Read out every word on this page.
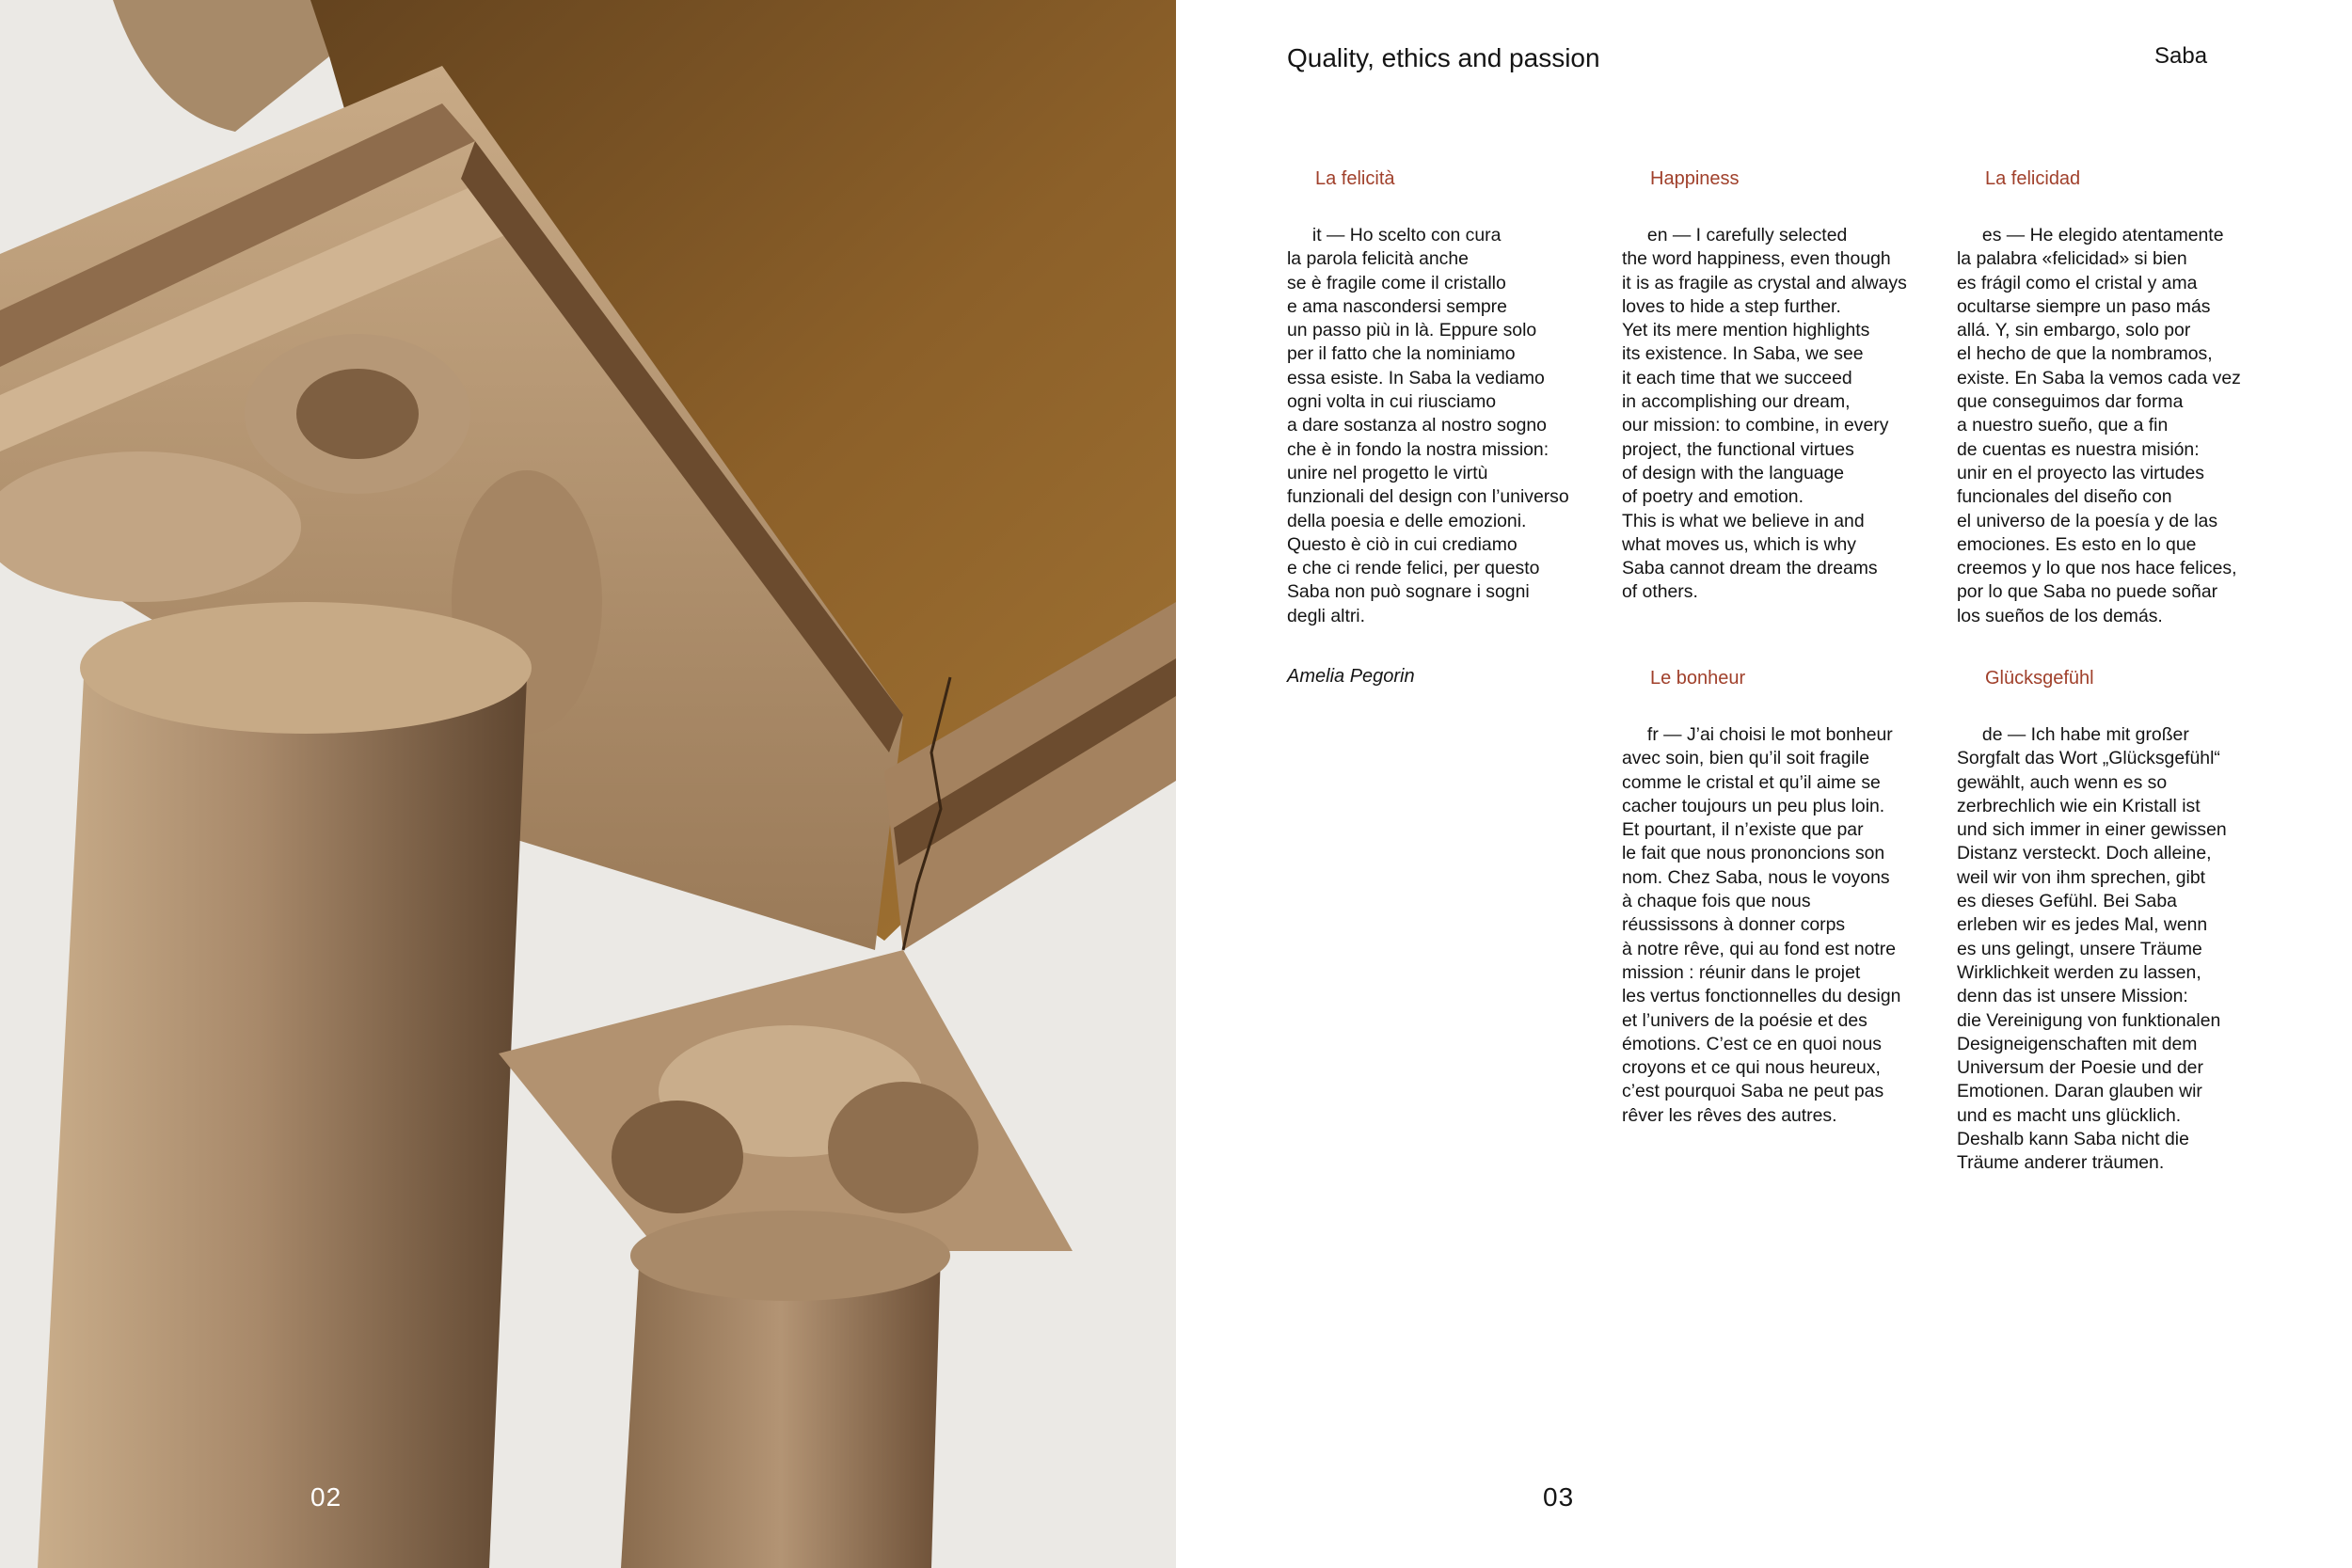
02
Quality, ethics and passion	Saba
La felicità

it — Ho scelto con cura
la parola felicità anche
se è fragile come il cristallo
e ama nascondersi sempre
un passo più in là. Eppure solo
per il fatto che la nominiamo
essa esiste. In Saba la vediamo
ogni volta in cui riusciamo
a dare sostanza al nostro sogno
che è in fondo la nostra mission:
unire nel progetto le virtù
funzionali del design con l’universo
della poesia e delle emozioni.
Questo è ciò in cui crediamo
e che ci rende felici, per questo
Saba non può sognare i sogni
degli altri.

Happiness

en — I carefully selected
the word happiness, even though
it is as fragile as crystal and always
loves to hide a step further.
Yet its mere mention highlights
its existence. In Saba, we see
it each time that we succeed
in accomplishing our dream,
our mission: to combine, in every
project, the functional virtues
of design with the language
of poetry and emotion.
This is what we believe in and
what moves us, which is why
Saba cannot dream the dreams
of others.

La felicidad

es — He elegido atentamente
la palabra «felicidad» si bien
es frágil como el cristal y ama
ocultarse siempre un paso más
allá. Y, sin embargo, solo por
el hecho de que la nombramos,
existe. En Saba la vemos cada vez
que conseguimos dar forma
a nuestro sueño, que a fin
de cuentas es nuestra misión:
unir en el proyecto las virtudes
funcionales del diseño con
el universo de la poesía y de las
emociones. Es esto en lo que
creemos y lo que nos hace felices,
por lo que Saba no puede soñar
los sueños de los demás.

Amelia Pegorin	Le bonheur

fr — J’ai choisi le mot bonheur
avec soin, bien qu’il soit fragile
comme le cristal et qu’il aime se
cacher toujours un peu plus loin.
Et pourtant, il n’existe que par
le fait que nous prononcions son
nom. Chez Saba, nous le voyons
à chaque fois que nous
réussissons à donner corps
à notre rêve, qui au fond est notre
mission : réunir dans le projet
les vertus fonctionnelles du design
et l’univers de la poésie et des
émotions. C’est ce en quoi nous
croyons et ce qui nous heureux,
c’est pourquoi Saba ne peut pas
rêver les rêves des autres.

Glücksgefühl

de — Ich habe mit großer
Sorgfalt das Wort „Glücksgefühl“
gewählt, auch wenn es so
zerbrechlich wie ein Kristall ist
und sich immer in einer gewissen
Distanz versteckt. Doch alleine,
weil wir von ihm sprechen, gibt
es dieses Gefühl. Bei Saba
erleben wir es jedes Mal, wenn
es uns gelingt, unsere Träume
Wirklichkeit werden zu lassen,
denn das ist unsere Mission:
die Vereinigung von funktionalen
Designeigenschaften mit dem
Universum der Poesie und der
Emotionen. Daran glauben wir
und es macht uns glücklich.
Deshalb kann Saba nicht die
Träume anderer träumen.

03
